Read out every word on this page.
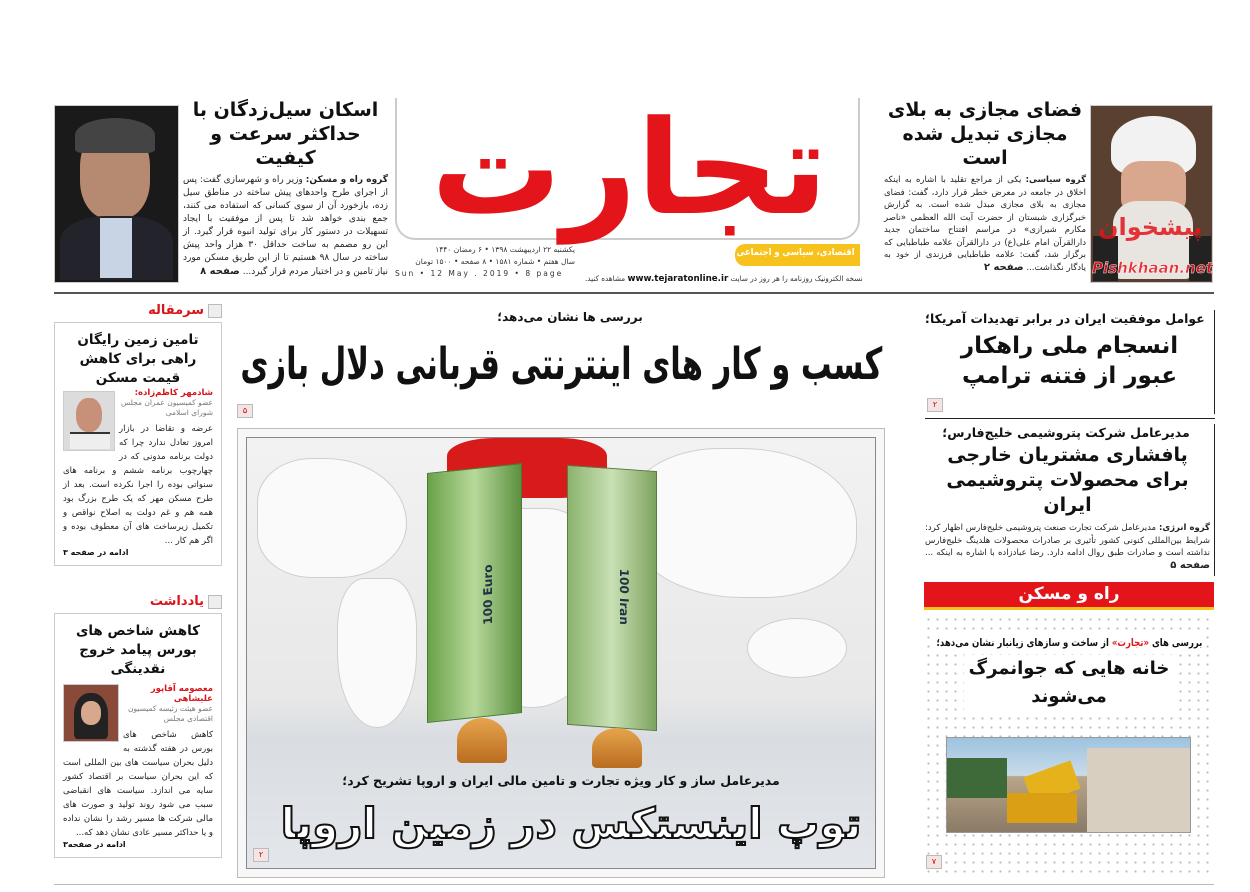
اسکان سیل‌زدگان با حداکثر سرعت و کیفیت
گروه راه و مسکن: وزیر راه و شهرسازی گفت: پس از اجرای طرح واحدهای پیش ساخته در مناطق سیل زده، بازخورد آن از سوی کسانی که استفاده می کنند، جمع بندی خواهد شد تا پس از موفقیت با ایجاد تسهیلات در دستور کار برای تولید انبوه قرار گیرد. از این رو مصمم به ساخت حداقل ۳۰ هزار واحد پیش ساخته در سال ۹۸ هستیم تا از این طریق مسکن مورد نیاز تامین و در اختیار مردم قرار گیرد... صفحه ۸
تجارت
اقتصادی، سیاسی و اجتماعی
یکشنبه ۲۲ اردیبهشت ۱۳۹۸ • ۶ رمضان ۱۴۴۰
سال هفتم • شماره ۱۵۸۱ • ۸ صفحه • ۱۵۰۰ تومان
Sun • 12 May . 2019 • 8 page
نسخه الکترونیک روزنامه را هر روز در سایت www.tejaratonline.ir مشاهده کنید.
فضای مجازی به بلای مجازی تبدیل شده است
گروه سیاسی: یکی از مراجع تقلید با اشاره به اینکه اخلاق در جامعه در معرض خطر قرار دارد، گفت: فضای مجازی به بلای مجازی مبدل شده است. به گزارش خبرگزاری شبستان از حضرت آیت الله العظمی «ناصر مکارم شیرازی» در مراسم افتتاح ساختمان جدید دارالقرآن امام علی(ع) در دارالقرآن علامه طباطبایی که برگزار شد، گفت: علامه طباطبایی فرزندی از خود به یادگار نگذاشت... صفحه ۲
پیشخوان
Pishkhaan.net
سرمقاله
تامین زمین رایگان راهی برای کاهش قیمت مسکن
شادمهر کاظم‌زاده:
عضو کمیسیون عمران مجلس شورای اسلامی
عرضه و تقاضا در بازار امروز تعادل ندارد چرا که دولت برنامه مدونی که در چهارچوب برنامه ششم و برنامه های سنواتی بوده را اجرا نکرده است. بعد از طرح مسکن مهر که یک طرح بزرگ بود همه هم و غم دولت به اصلاح نواقص و تکمیل زیرساخت های آن معطوف بوده و اگر هم کار ...
ادامه در صفحه ۳
یادداشت
کاهش شاخص های بورس پیامد خروج نقدینگی
معصومه آقاپور علیشاهی
عضو هیئت رئیسه کمیسیون اقتصادی مجلس
کاهش شاخص های بورس در هفته گذشته به دلیل بحران سیاست های بین المللی است که این بحران سیاست بر اقتصاد کشور سایه می اندازد. سیاست های انقباضی سبب می شود روند تولید و صورت های مالی شرکت ها مسیر رشد را نشان نداده و یا حداکثر مسیر عادی نشان دهد که...
ادامه در صفحه۳
بررسی ها نشان می‌دهد؛
کسب و کار های اینترنتی قربانی دلال بازی
۵
100 Euro	100 Iran
مدیرعامل ساز و کار ویژه تجارت و تامین مالی ایران و اروپا تشریح کرد؛
توپ اینستکس در زمین اروپا
۲
عوامل موفقیت ایران در برابر تهدیدات آمریکا؛
انسجام ملی راهکار عبور از فتنه ترامپ
۲
مدیرعامل شرکت پتروشیمی خلیج‌فارس؛
پافشاری مشتریان خارجی برای محصولات پتروشیمی ایران
گروه انرژی: مدیرعامل شرکت تجارت صنعت پتروشیمی خلیج‌فارس اظهار کرد: شرایط بین‌المللی کنونی کشور تأثیری بر صادرات محصولات هلدینگ خلیج‌فارس نداشته است و صادرات طبق روال ادامه دارد. رضا عبادزاده با اشاره به اینکه ... صفحه ۵
راه و مسکن
بررسی های «تجارت» از ساخت و سازهای زیانبار نشان می‌دهد؛
خانه هایی که جوانمرگ می‌شوند
۷
